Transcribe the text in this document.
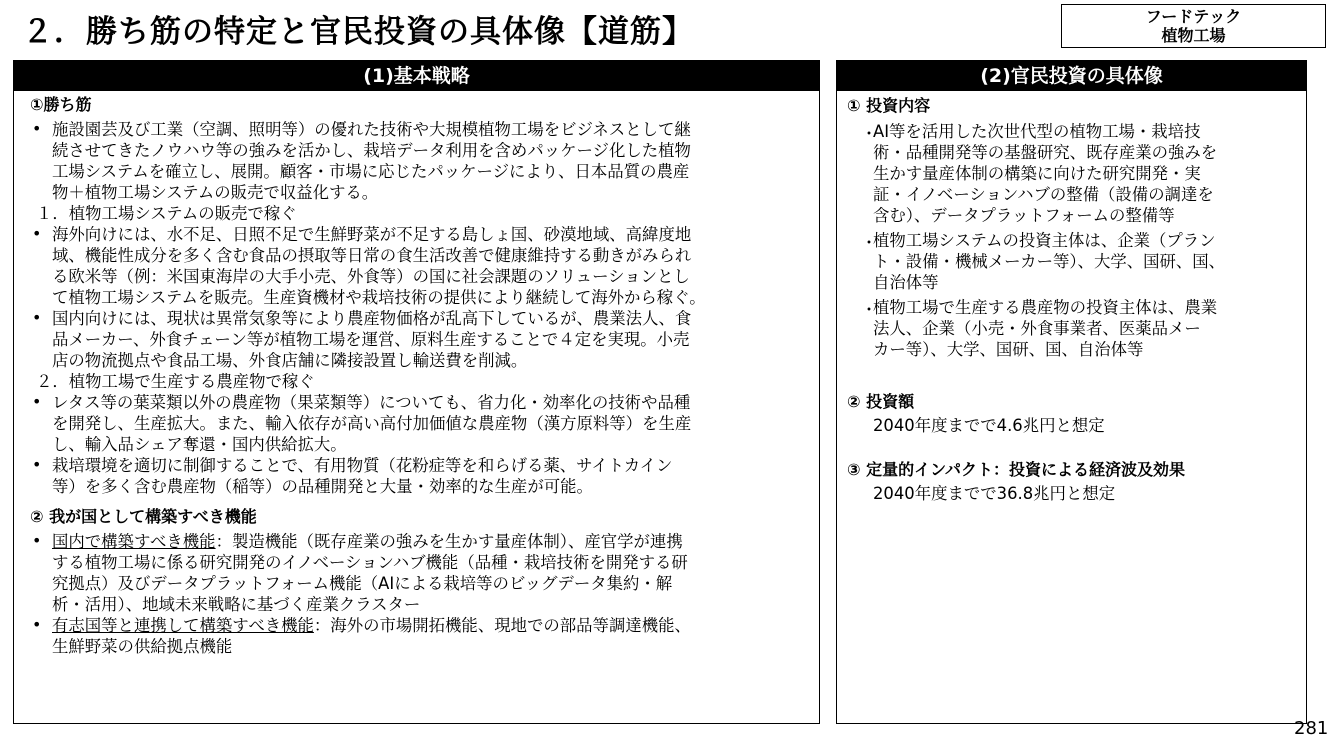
２．勝ち筋の特定と官民投資の具体像【道筋】	フードテック
植物工場
(1)基本戦略
①勝ち筋
• 施設園芸及び工業（空調、照明等）の優れた技術や大規模植物工場をビジネスとして継
続させてきたノウハウ等の強みを活かし、栽培データ利用を含めパッケージ化した植物
工場システムを確立し、展開。顧客・市場に応じたパッケージにより、日本品質の農産
物＋植物工場システムの販売で収益化する。
１．植物工場システムの販売で稼ぐ
• 海外向けには、水不足、日照不足で生鮮野菜が不足する島しょ国、砂漠地域、高緯度地
域、機能性成分を多く含む食品の摂取等日常の食生活改善で健康維持する動きがみられ
る欧米等（例：米国東海岸の大手小売、外食等）の国に社会課題のソリューションとし
て植物工場システムを販売。生産資機材や栽培技術の提供により継続して海外から稼ぐ。
• 国内向けには、現状は異常気象等により農産物価格が乱高下しているが、農業法人、食
品メーカー、外食チェーン等が植物工場を運営、原料生産することで４定を実現。小売
店の物流拠点や食品工場、外食店舗に隣接設置し輸送費を削減。
２．植物工場で生産する農産物で稼ぐ
• レタス等の葉菜類以外の農産物（果菜類等）についても、省力化・効率化の技術や品種
を開発し、生産拡大。また、輸入依存が高い高付加価値な農産物（漢方原料等）を生産
し、輸入品シェア奪還・国内供給拡大。
• 栽培環境を適切に制御することで、有用物質（花粉症等を和らげる薬、サイトカイン
等）を多く含む農産物（稲等）の品種開発と大量・効率的な生産が可能。
② 我が国として構築すべき機能
• 国内で構築すべき機能：製造機能（既存産業の強みを生かす量産体制）、産官学が連携
する植物工場に係る研究開発のイノベーションハブ機能（品種・栽培技術を開発する研
究拠点）及びデータプラットフォーム機能（AIによる栽培等のビッグデータ集約・解
析・活用）、地域未来戦略に基づく産業クラスター
• 有志国等と連携して構築すべき機能：海外の市場開拓機能、現地での部品等調達機能、
生鮮野菜の供給拠点機能
(2)官民投資の具体像
① 投資内容
・
AI等を活用した次世代型の植物工場・栽培技
術・品種開発等の基盤研究、既存産業の強みを
生かす量産体制の構築に向けた研究開発・実
証・イノベーションハブの整備（設備の調達を
含む）、データプラットフォームの整備等
・
植物工場システムの投資主体は、企業（プラン
ト・設備・機械メーカー等）、大学、国研、国、
自治体等
・
植物工場で生産する農産物の投資主体は、農業
法人、企業（小売・外食事業者、医薬品メー
カー等）、大学、国研、国、自治体等
② 投資額
2040年度までで4.6兆円と想定
③ 定量的インパクト：投資による経済波及効果
2040年度までで36.8兆円と想定
281
